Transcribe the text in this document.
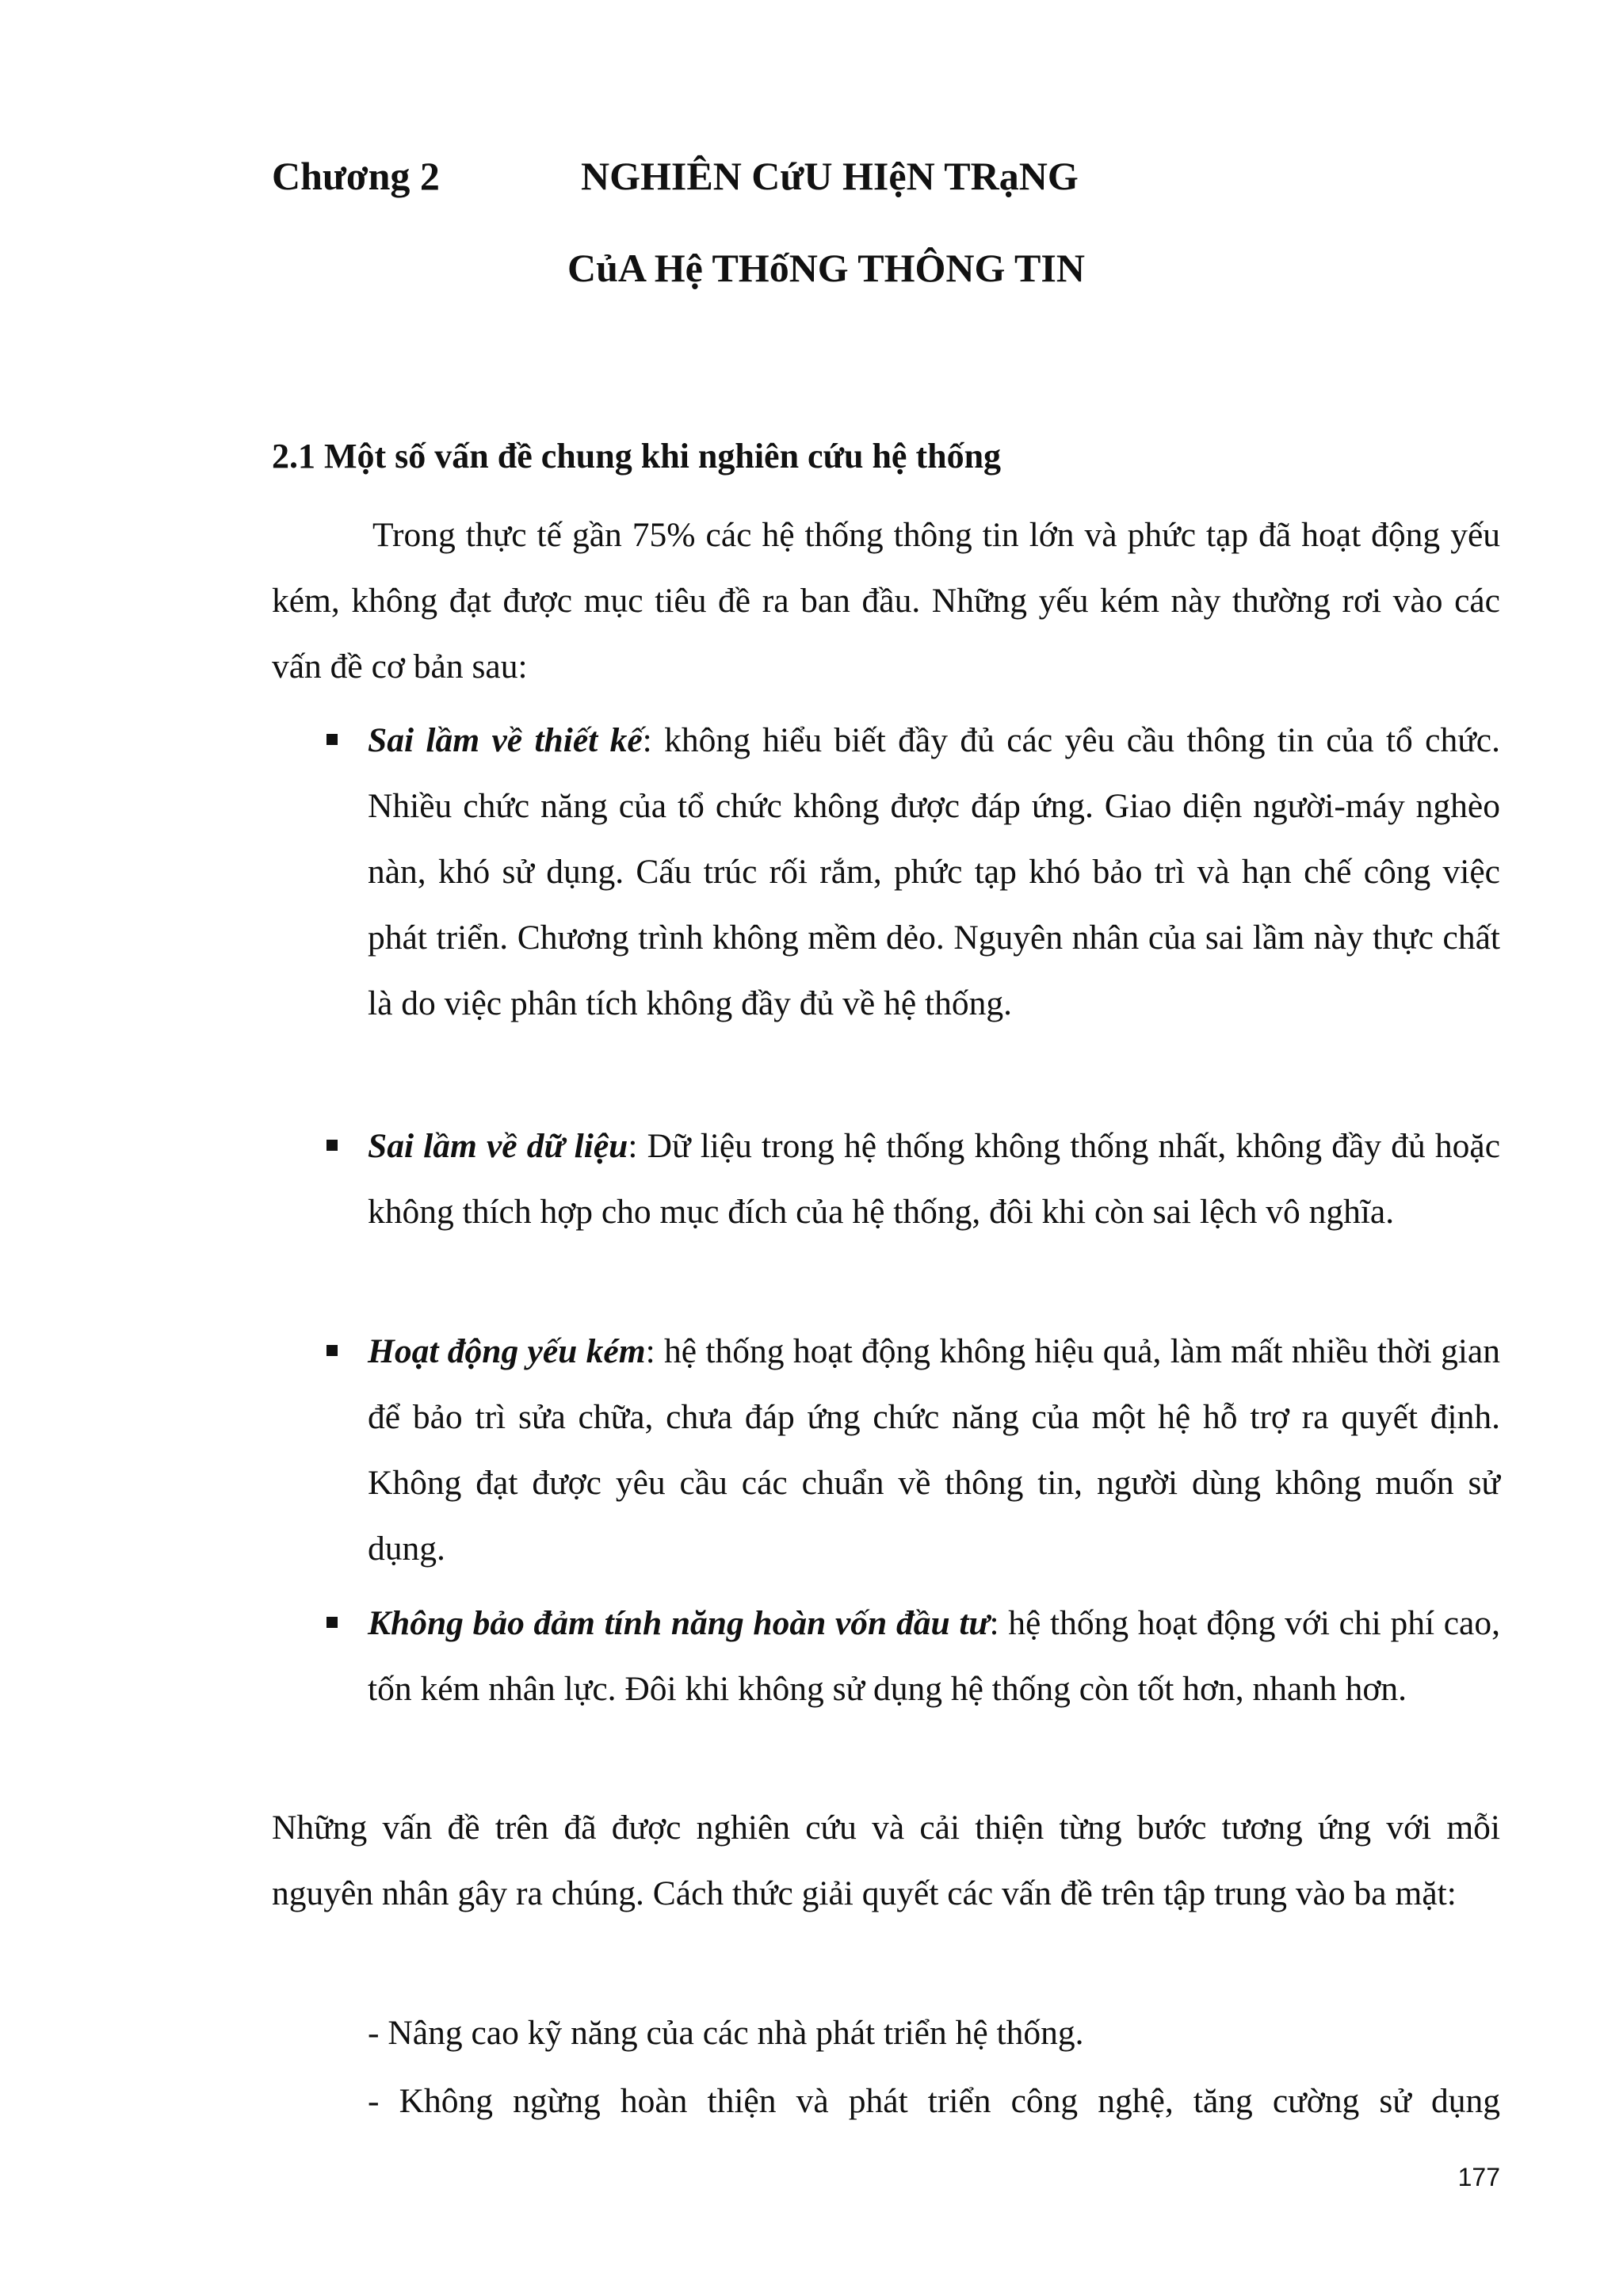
Chương 2	NGHIÊN CứU HIệN TRạNG
CủA Hệ THốNG THÔNG TIN
2.1 Một số vấn đề chung khi nghiên cứu hệ thống

Trong thực tế gần 75% các hệ thống thông tin lớn và phức tạp đã hoạt động yếu kém, không đạt được mục tiêu đề ra ban đầu. Những yếu kém này thường rơi vào các vấn đề cơ bản sau:

Sai lầm về thiết kế: không hiểu biết đầy đủ các yêu cầu thông tin của tổ chức. Nhiều chức năng của tổ chức không được đáp ứng. Giao diện người-máy nghèo nàn, khó sử dụng. Cấu trúc rối rắm, phức tạp khó bảo trì và hạn chế công việc phát triển. Chương trình không mềm dẻo. Nguyên nhân của sai lầm này thực chất là do việc phân tích không đầy đủ về hệ thống.
Sai lầm về dữ liệu: Dữ liệu trong hệ thống không thống nhất, không đầy đủ hoặc không thích hợp cho mục đích của hệ thống, đôi khi còn sai lệch vô nghĩa.
Hoạt động yếu kém: hệ thống hoạt động không hiệu quả, làm mất nhiều thời gian để bảo trì sửa chữa, chưa đáp ứng chức năng của một hệ hỗ trợ ra quyết định. Không đạt được yêu cầu các chuẩn về thông tin, người dùng không muốn sử dụng.
Không bảo đảm tính năng hoàn vốn đầu tư: hệ thống hoạt động với chi phí cao, tốn kém nhân lực. Đôi khi không sử dụng hệ thống còn tốt hơn, nhanh hơn.

Những vấn đề trên đã được nghiên cứu và cải thiện từng bước tương ứng với mỗi nguyên nhân gây ra chúng. Cách thức giải quyết các vấn đề trên tập trung vào ba mặt:

- Nâng cao kỹ năng của các nhà phát triển hệ thống.
- Không ngừng hoàn thiện và phát triển công nghệ, tăng cường sử dụng
177
